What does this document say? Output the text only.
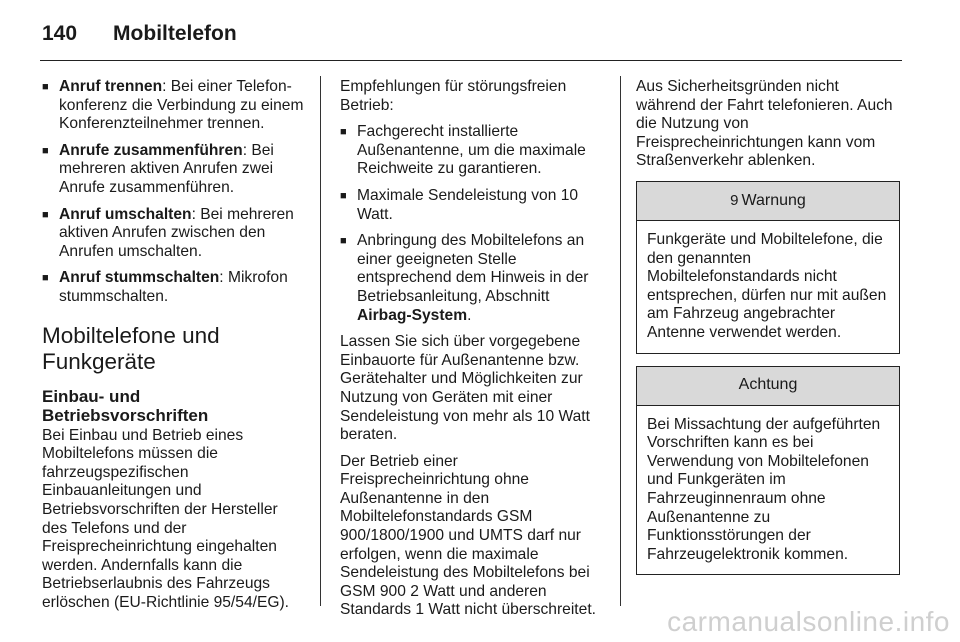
140 Mobiltelefon
■ Anruf trennen: Bei einer Telefonkonferenz die Verbindung zu einem Konferenzteilnehmer trennen.
■ Anrufe zusammenführen: Bei mehreren aktiven Anrufen zwei Anrufe zusammenführen.
■ Anruf umschalten: Bei mehreren aktiven Anrufen zwischen den Anrufen umschalten.
■ Anruf stummschalten: Mikrofon stummschalten.
Mobiltelefone und Funkgeräte
Einbau- und Betriebsvorschriften

Bei Einbau und Betrieb eines Mobiltelefons müssen die fahrzeugspezifischen Einbauanleitungen und Betriebsvorschriften der Hersteller des Telefons und der Freisprecheinrichtung eingehalten werden. Andernfalls kann die Betriebserlaubnis des Fahrzeugs erlöschen (EU-Richtlinie 95/54/EG).

Empfehlungen für störungsfreien Betrieb:

■ Fachgerecht installierte Außenantenne, um die maximale Reichweite zu garantieren.
■ Maximale Sendeleistung von 10 Watt.
■ Anbringung des Mobiltelefons an einer geeigneten Stelle entsprechend dem Hinweis in der Betriebsanleitung, Abschnitt Airbag-System.

Lassen Sie sich über vorgegebene Einbauorte für Außenantenne bzw. Gerätehalter und Möglichkeiten zur Nutzung von Geräten mit einer Sendeleistung von mehr als 10 Watt beraten.

Der Betrieb einer Freisprecheinrichtung ohne Außenantenne in den Mobiltelefonstandards GSM 900/1800/1900 und UMTS darf nur erfolgen, wenn die maximale Sendeleistung des Mobiltelefons bei GSM 900 2 Watt und anderen Standards 1 Watt nicht überschreitet.

Aus Sicherheitsgründen nicht während der Fahrt telefonieren. Auch die Nutzung von Freisprecheinrichtungen kann vom Straßenverkehr ablenken.

9 Warnung
Funkgeräte und Mobiltelefone, die den genannten Mobiltelefonstandards nicht entsprechen, dürfen nur mit außen am Fahrzeug angebrachter Antenne verwendet werden.
Achtung
Bei Missachtung der aufgeführten Vorschriften kann es bei Verwendung von Mobiltelefonen und Funkgeräten im Fahrzeuginnenraum ohne Außenantenne zu Funktionsstörungen der Fahrzeugelektronik kommen.
carmanualsonline.info
